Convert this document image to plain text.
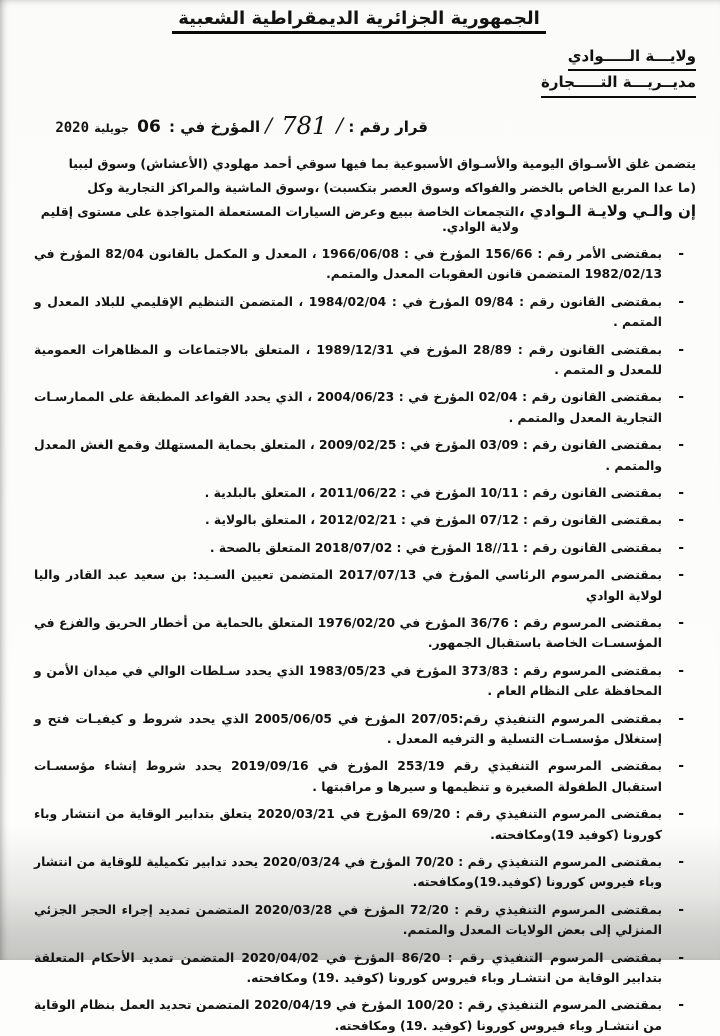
الجمهورية الجزائرية الديمقراطية الشعبية
ولايـــة الـــــوادي
مديــريـــة التـــــجارة
قرار رقم : / 781 / المؤرخ في : 06 جويلية 2020
يتضمن غلق الأسـواق اليومية والأسـواق الأسبوعية بما فيها سوقي أحمد مهلودي (الأعشاش) وسوق ليبيا
(ما عدا المربع الخاص بالخضر والفواكه وسوق العصر بتكسبت) ،وسوق الماشية والمراكز التجارية وكل
إن والـي ولايـة الـوادي ،
التجمعات الخاصة ببيع وعرض السيارات المستعملة المتواجدة على مستوى إقليم ولاية الوادي.
- بمقتضى الأمر رقم : 156/66 المؤرخ في : 1966/06/08 ، المعدل و المكمل بالقانون 82/04 المؤرخ في 1982/02/13 المتضمن قانون العقوبات المعدل والمتمم.
- بمقتضى القانون رقم : 09/84 المؤرخ في : 1984/02/04 ، المتضمن التنظيم الإقليمي للبلاد المعدل و المتمم .
- بمقتضى القانون رقم : 28/89 المؤرخ في 1989/12/31 ، المتعلق بالاجتماعات و المظاهرات العمومية للمعدل و المتمم .
- بمقتضى القانون رقم : 02/04 المؤرخ في : 2004/06/23 ، الذي يحدد القواعد المطبقة على الممارسـات التجارية المعدل والمتمم .
- بمقتضى القانون رقم : 03/09 المؤرخ في : 2009/02/25 ، المتعلق بحماية المستهلك وقمع الغش المعدل والمتمم .
- بمقتضى القانون رقم : 10/11 المؤرخ في : 2011/06/22 ، المتعلق بالبلدية .
- بمقتضى القانون رقم : 07/12 المؤرخ في : 2012/02/21 ، المتعلق بالولاية .
- بمقتضى القانون رقم : 11//18 المؤرخ في : 2018/07/02 المتعلق بالصحة .
- بمقتضى المرسوم الرئاسي المؤرخ في 2017/07/13 المتضمن تعيين السـيد: بن سعيد عبد القادر واليا لولاية الوادي
- بمقتضى المرسوم رقم : 36/76 المؤرخ في 1976/02/20 المتعلق بالحماية من أخطار الحريق والفزع في المؤسسـات الخاصة باستقبال الجمهور.
- بمقتضى المرسوم رقم : 373/83 المؤرخ في 1983/05/23 الذي يحدد سـلطات الوالي في ميدان الأمن و المحافظة على النظام العام .
- بمقتضى المرسوم التنفيذي رقم:207/05 المؤرخ في 2005/06/05 الذي يحدد شروط و كيفيـات فتح و إستغلال مؤسسـات التسلية و الترفيه المعدل .
- بمقتضى المرسوم التنفيذي رقم 253/19 المؤرخ في 2019/09/16 يحدد شروط إنشاء مؤسسـات استقبال الطفولة الصغيرة و تنظيمها و سيرها و مراقبتها .
- بمقتضى المرسوم التنفيذي رقم : 69/20 المؤرخ في 2020/03/21 يتعلق بتدابير الوقاية من انتشار وباء كورونا (كوفيد 19)ومكافحته.
- بمقتضى المرسوم التنفيذي رقم : 70/20 المؤرخ في 2020/03/24 يحدد تدابير تكميلية للوقاية من انتشار وباء فيروس كورونا (كوفيد.19)ومكافحته.
- بمقتضى المرسوم التنفيذي رقم : 72/20 المؤرخ في 2020/03/28 المتضمن تمديد إجراء الحجر الجزئي المنزلي إلى بعض الولايات المعدل والمتمم.
- بمقتضى المرسوم التنفيذي رقم : 86/20 المؤرخ في 2020/04/02 المتضمن تمديد الأحكام المتعلقة بتدابير الوقاية من انتشـار وباء فيروس كورونا (كوفيد .19) ومكافحته.
- بمقتضى المرسوم التنفيذي رقم : 100/20 المؤرخ في 2020/04/19 المتضمن تحديد العمل بنظام الوقاية من انتشـار وباء فيروس كورونا (كوفيد .19) ومكافحته.
